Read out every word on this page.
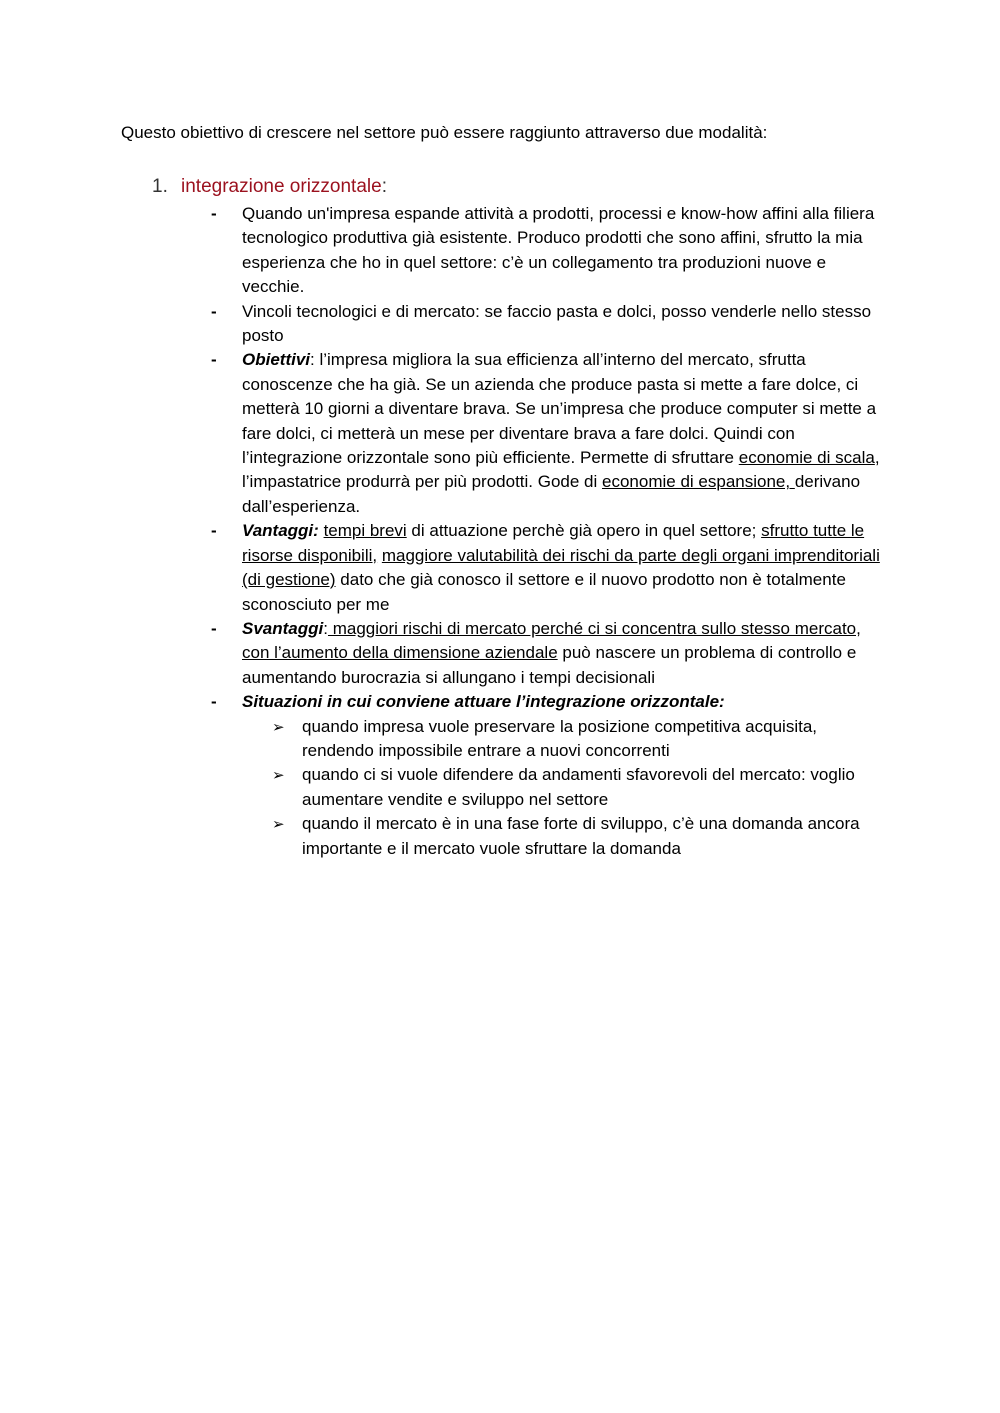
Questo obiettivo di crescere nel settore può essere raggiunto attraverso due modalità:
1. integrazione orizzontale:
- Quando un'impresa espande attività a prodotti, processi e know-how affini alla filiera tecnologico produttiva già esistente. Produco prodotti che sono affini, sfrutto la mia esperienza che ho in quel settore: c’è un collegamento tra produzioni nuove e vecchie.
- Vincoli tecnologici e di mercato: se faccio pasta e dolci, posso venderle nello stesso posto
- Obiettivi: l’impresa migliora la sua efficienza all’interno del mercato, sfrutta conoscenze che ha già. Se un azienda che produce pasta si mette a fare dolce, ci metterà 10 giorni a diventare brava. Se un’impresa che produce computer si mette a fare dolci, ci metterà un mese per diventare brava a fare dolci. Quindi con l’integrazione orizzontale sono più efficiente. Permette di sfruttare economie di scala, l’impastatrice produrrà per più prodotti. Gode di economie di espansione, derivano dall’esperienza.
- Vantaggi: tempi brevi di attuazione perchè già opero in quel settore; sfrutto tutte le risorse disponibili, maggiore valutabilità dei rischi da parte degli organi imprenditoriali (di gestione) dato che già conosco il settore e il nuovo prodotto non è totalmente sconosciuto per me
- Svantaggi: maggiori rischi di mercato perché ci si concentra sullo stesso mercato, con l’aumento della dimensione aziendale può nascere un problema di controllo e aumentando burocrazia si allungano i tempi decisionali
- Situazioni in cui conviene attuare l’integrazione orizzontale:
➢ quando impresa vuole preservare la posizione competitiva acquisita, rendendo impossibile entrare a nuovi concorrenti
➢ quando ci si vuole difendere da andamenti sfavorevoli del mercato: voglio aumentare vendite e sviluppo nel settore
➢ quando il mercato è in una fase forte di sviluppo, c’è una domanda ancora importante e il mercato vuole sfruttare la domanda
